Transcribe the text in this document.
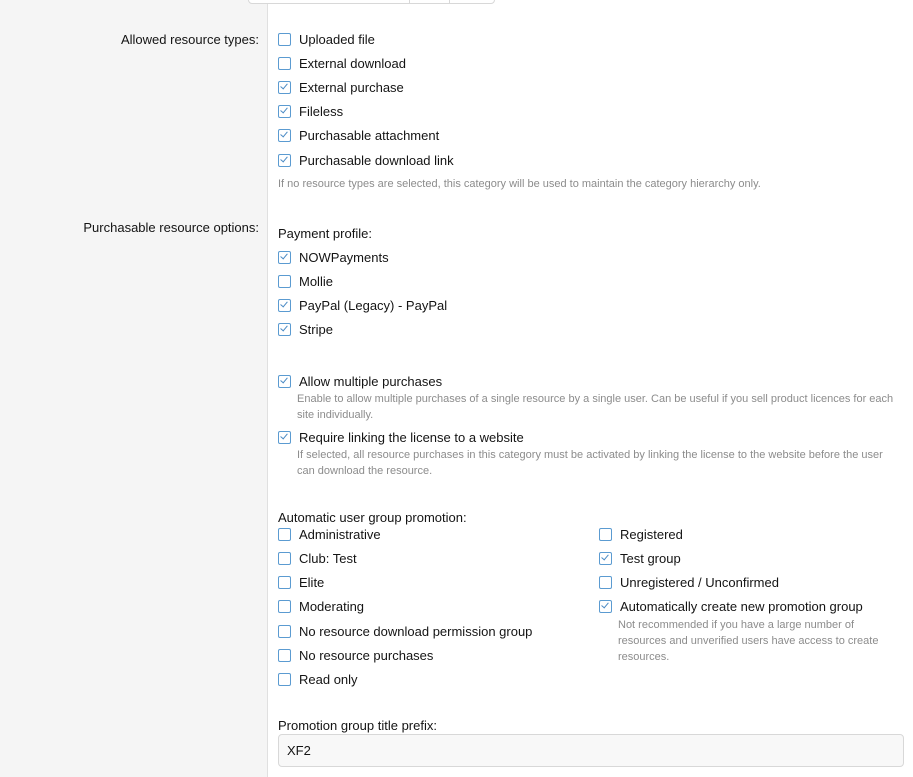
Allowed resource types:	Uploaded file
External download
External purchase
Fileless
Purchasable attachment
Purchasable download link
If no resource types are selected, this category will be used to maintain the category hierarchy only.
Purchasable resource options: Payment profile:
NOWPayments
Mollie
PayPal (Legacy) - PayPal
Stripe
Allow multiple purchases
Enable to allow multiple purchases of a single resource by a single user. Can be useful if you sell product licences for each site individually.
Require linking the license to a website
If selected, all resource purchases in this category must be activated by linking the license to the website before the user can download the resource.
Automatic user group promotion:
Administrative
Club: Test
Elite
Moderating
No resource download permission group
No resource purchases
Read only
Registered
Test group
Unregistered / Unconfirmed
Automatically create new promotion group
Not recommended if you have a large number of resources and unverified users have access to create resources.
Promotion group title prefix:
XF2
